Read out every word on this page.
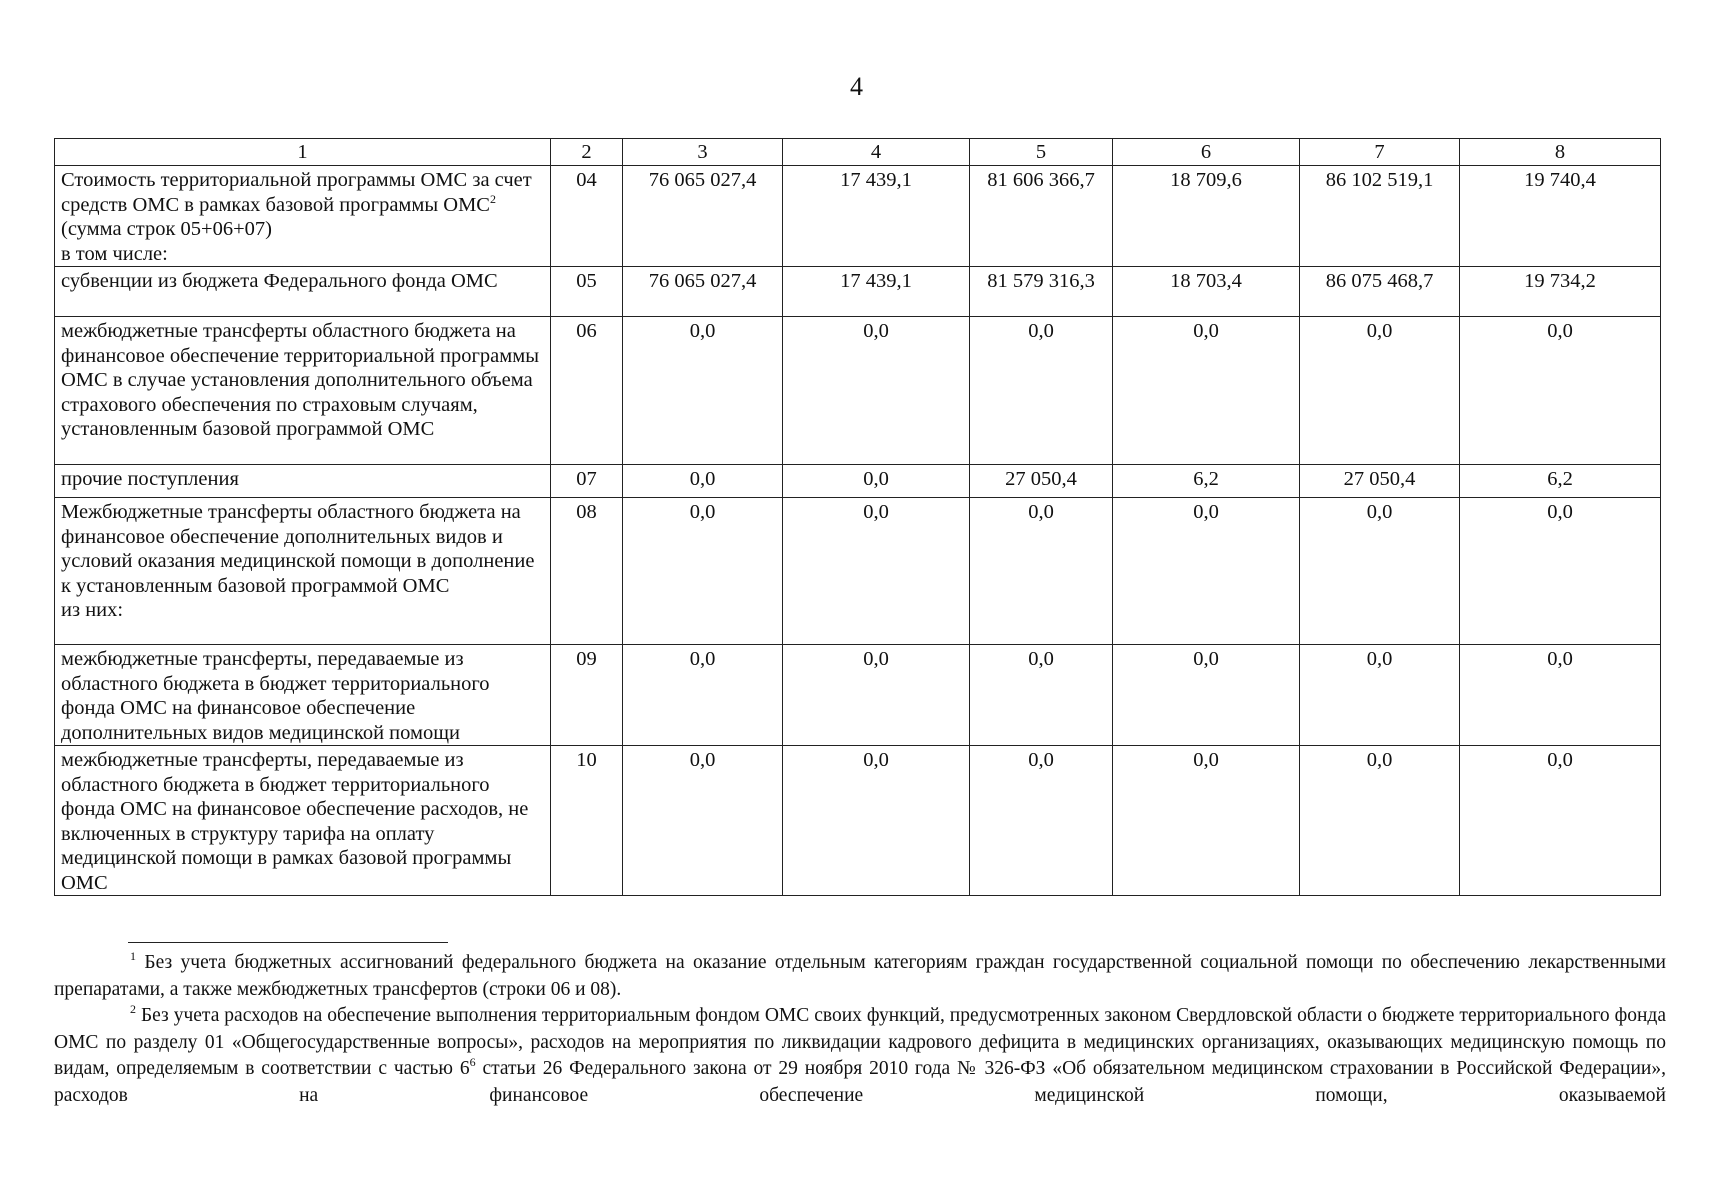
4
1	2	3	4	5	6	7	8
Стоимость территориальной программы ОМС за счет средств ОМС в рамках базовой программы ОМС$^2$ (сумма строк 05+06+07)
в том числе:	04	76 065 027,4	17 439,1	81 606 366,7	18 709,6	86 102 519,1	19 740,4
субвенции из бюджета Федерального фонда ОМС	05	76 065 027,4	17 439,1	81 579 316,3	18 703,4	86 075 468,7	19 734,2
межбюджетные трансферты областного бюджета на финансовое обеспечение территориальной программы ОМС в случае установления дополнительного объема страхового обеспечения по страховым случаям, установленным базовой программой ОМС	06	0,0	0,0	0,0	0,0	0,0	0,0
прочие поступления	07	0,0	0,0	27 050,4	6,2	27 050,4	6,2
Межбюджетные трансферты областного бюджета на финансовое обеспечение дополнительных видов и условий оказания медицинской помощи в дополнение к установленным базовой программой ОМС
из них:	08	0,0	0,0	0,0	0,0	0,0	0,0
межбюджетные трансферты, передаваемые из областного бюджета в бюджет территориального фонда ОМС на финансовое обеспечение дополнительных видов медицинской помощи	09	0,0	0,0	0,0	0,0	0,0	0,0
межбюджетные трансферты, передаваемые из областного бюджета в бюджет территориального фонда ОМС на финансовое обеспечение расходов, не включенных в структуру тарифа на оплату медицинской помощи в рамках базовой программы ОМС	10	0,0	0,0	0,0	0,0	0,0	0,0

$^1$ Без учета бюджетных ассигнований федерального бюджета на оказание отдельным категориям граждан государственной социальной помощи по обеспечению лекарственными препаратами, а также межбюджетных трансфертов (строки 06 и 08).

$^2$ Без учета расходов на обеспечение выполнения территориальным фондом ОМС своих функций, предусмотренных законом Свердловской области о бюджете территориального фонда ОМС по разделу 01 «Общегосударственные вопросы», расходов на мероприятия по ликвидации кадрового дефицита в медицинских организациях, оказывающих медицинскую помощь по видам, определяемым в соответствии с частью $6^6$ статьи 26 Федерального закона от 29 ноября 2010 года № 326-ФЗ «Об обязательном медицинском страховании в Российской Федерации», расходов на финансовое обеспечение медицинской помощи, оказываемой
